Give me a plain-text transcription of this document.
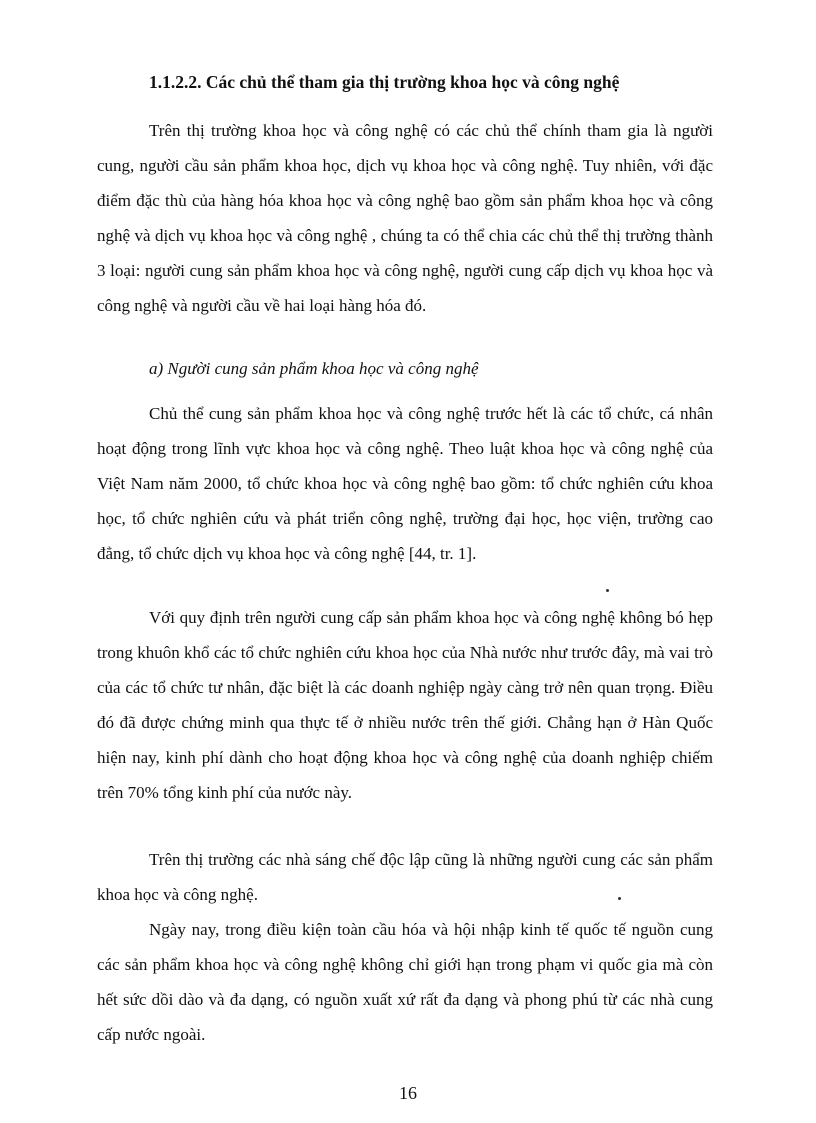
1.1.2.2. Các chủ thể tham gia thị trường khoa học và công nghệ

Trên thị trường khoa học và công nghệ có các chủ thể chính tham gia là người cung, người cầu sản phẩm khoa học, dịch vụ khoa học và công nghệ. Tuy nhiên, với đặc điểm đặc thù của hàng hóa khoa học và công nghệ bao gồm sản phẩm khoa học và công nghệ và dịch vụ khoa học và công nghệ , chúng ta có thể chia các chủ thể thị trường thành 3 loại: người cung sản phẩm khoa học và công nghệ, người cung cấp dịch vụ khoa học và công nghệ và người cầu về hai loại hàng hóa đó.

a) Người cung sản phẩm khoa học và công nghệ

Chủ thể cung sản phẩm khoa học và công nghệ trước hết là các tổ chức, cá nhân hoạt động trong lĩnh vực khoa học và công nghệ. Theo luật khoa học và công nghệ của Việt Nam năm 2000, tổ chức khoa học và công nghệ bao gồm: tổ chức nghiên cứu khoa học, tổ chức nghiên cứu và phát triển công nghệ, trường đại học, học viện, trường cao đẳng, tổ chức dịch vụ khoa học và công nghệ [44, tr. 1].

Với quy định trên người cung cấp sản phẩm khoa học và công nghệ không bó hẹp trong khuôn khổ các tổ chức nghiên cứu khoa học của Nhà nước như trước đây, mà vai trò của các tổ chức tư nhân, đặc biệt là các doanh nghiệp ngày càng trở nên quan trọng. Điều đó đã được chứng minh qua thực tế ở nhiều nước trên thế giới. Chẳng hạn ở Hàn Quốc hiện nay, kinh phí dành cho hoạt động khoa học và công nghệ của doanh nghiệp chiếm trên 70% tổng kinh phí của nước này.

Trên thị trường các nhà sáng chế độc lập cũng là những người cung các sản phẩm khoa học và công nghệ.

Ngày nay, trong điều kiện toàn cầu hóa và hội nhập kinh tế quốc tế nguồn cung các sản phẩm khoa học và công nghệ không chỉ giới hạn trong phạm vi quốc gia mà còn hết sức dồi dào và đa dạng, có nguồn xuất xứ rất đa dạng và phong phú từ các nhà cung cấp nước ngoài.

16
